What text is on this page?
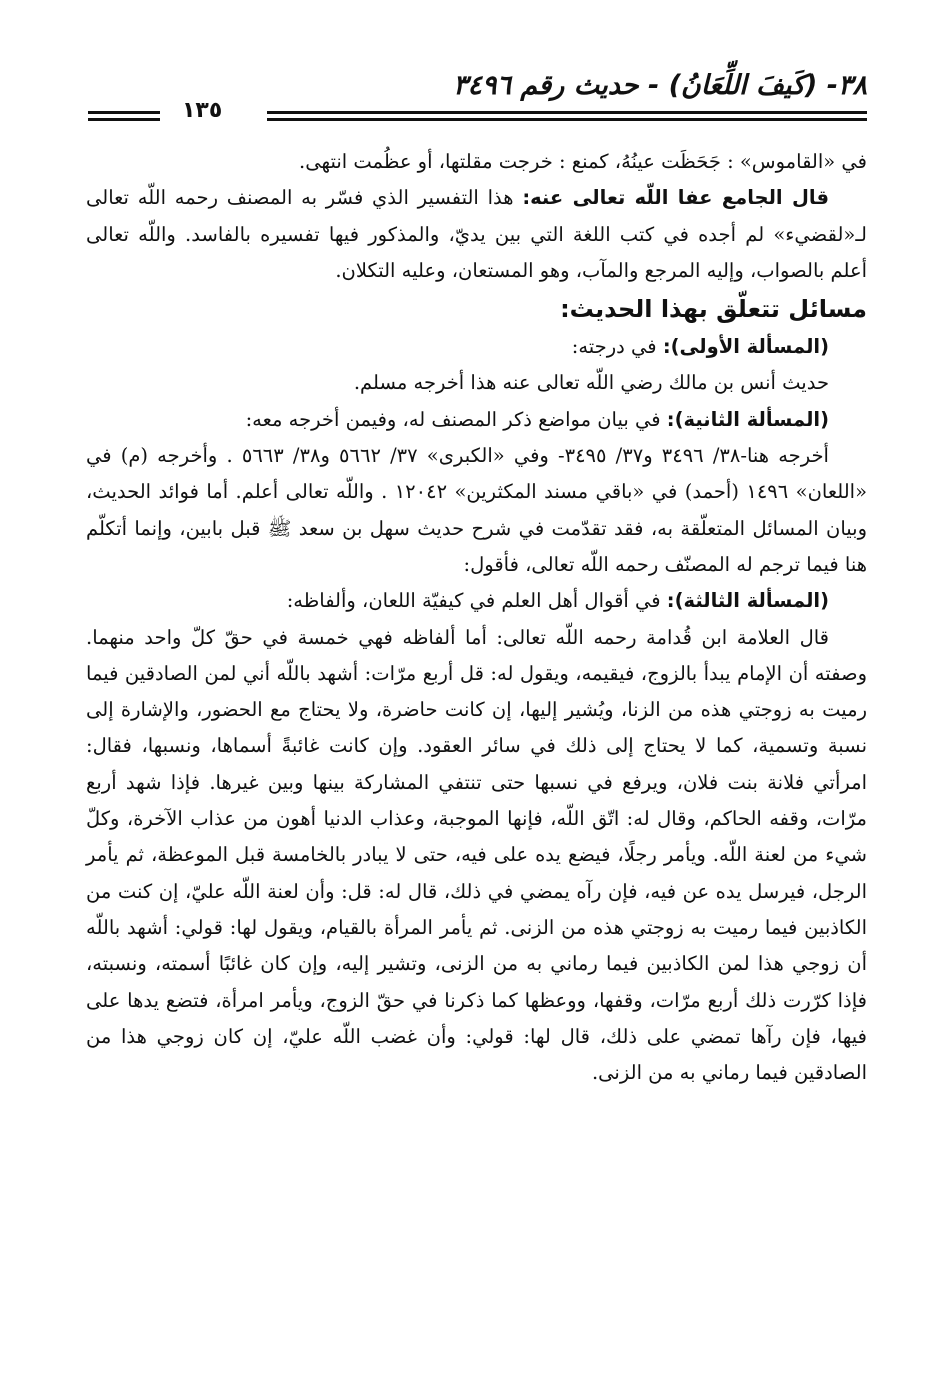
٣٨- (كَيفَ اللِّعَانُ) - حديث رقم ٣٤٩٦
١٣٥

في «القاموس» : جَحَظَت عينُهُ، كمنع : خرجت مقلتها، أو عظُمت انتهى.

قال الجامع عفا اللّه تعالى عنه: هذا التفسير الذي فسّر به المصنف رحمه اللّه تعالى لـ«لقضيء» لم أجده في كتب اللغة التي بين يديّ، والمذكور فيها تفسيره بالفاسد. واللّه تعالى أعلم بالصواب، وإليه المرجع والمآب، وهو المستعان، وعليه التكلان.

مسائل تتعلّق بهذا الحديث:

(المسألة الأولى): في درجته:

حديث أنس بن مالك رضي اللّه تعالى عنه هذا أخرجه مسلم.

(المسألة الثانية): في بيان مواضع ذكر المصنف له، وفيمن أخرجه معه:

أخرجه هنا-٣٨/ ٣٤٩٦ و٣٧/ ٣٤٩٥- وفي «الكبرى» ٣٧/ ٥٦٦٢ و٣٨/ ٥٦٦٣ . وأخرجه (م) في «اللعان» ١٤٩٦ (أحمد) في «باقي مسند المكثرين» ١٢٠٤٢ . واللّه تعالى أعلم. أما فوائد الحديث، وبيان المسائل المتعلّقة به، فقد تقدّمت في شرح حديث سهل بن سعد ﷺ قبل بابين، وإنما أتكلّم هنا فيما ترجم له المصنّف رحمه اللّه تعالى، فأقول:

(المسألة الثالثة): في أقوال أهل العلم في كيفيّة اللعان، وألفاظه:

قال العلامة ابن قُدامة رحمه اللّه تعالى: أما ألفاظه فهي خمسة في حقّ كلّ واحد منهما. وصفته أن الإمام يبدأ بالزوج، فيقيمه، ويقول له: قل أربع مرّات: أشهد باللّه أني لمن الصادقين فيما رميت به زوجتي هذه من الزنا، ويُشير إليها، إن كانت حاضرة، ولا يحتاج مع الحضور، والإشارة إلى نسبة وتسمية، كما لا يحتاج إلى ذلك في سائر العقود. وإن كانت غائبةً أسماها، ونسبها، فقال: امرأتي فلانة بنت فلان، ويرفع في نسبها حتى تنتفي المشاركة بينها وبين غيرها. فإذا شهد أربع مرّات، وقفه الحاكم، وقال له: اتّق اللّه، فإنها الموجبة، وعذاب الدنيا أهون من عذاب الآخرة، وكلّ شيء من لعنة اللّه. ويأمر رجلًا، فيضع يده على فيه، حتى لا يبادر بالخامسة قبل الموعظة، ثم يأمر الرجل، فيرسل يده عن فيه، فإن رآه يمضي في ذلك، قال له: قل: وأن لعنة اللّه عليّ، إن كنت من الكاذبين فيما رميت به زوجتي هذه من الزنى. ثم يأمر المرأة بالقيام، ويقول لها: قولي: أشهد باللّه أن زوجي هذا لمن الكاذبين فيما رماني به من الزنى، وتشير إليه، وإن كان غائبًا أسمته، ونسبته، فإذا كرّرت ذلك أربع مرّات، وقفها، ووعظها كما ذكرنا في حقّ الزوج، ويأمر امرأة، فتضع يدها على فيها، فإن رآها تمضي على ذلك، قال لها: قولي: وأن غضب اللّه عليّ، إن كان زوجي هذا من الصادقين فيما رماني به من الزنى.
